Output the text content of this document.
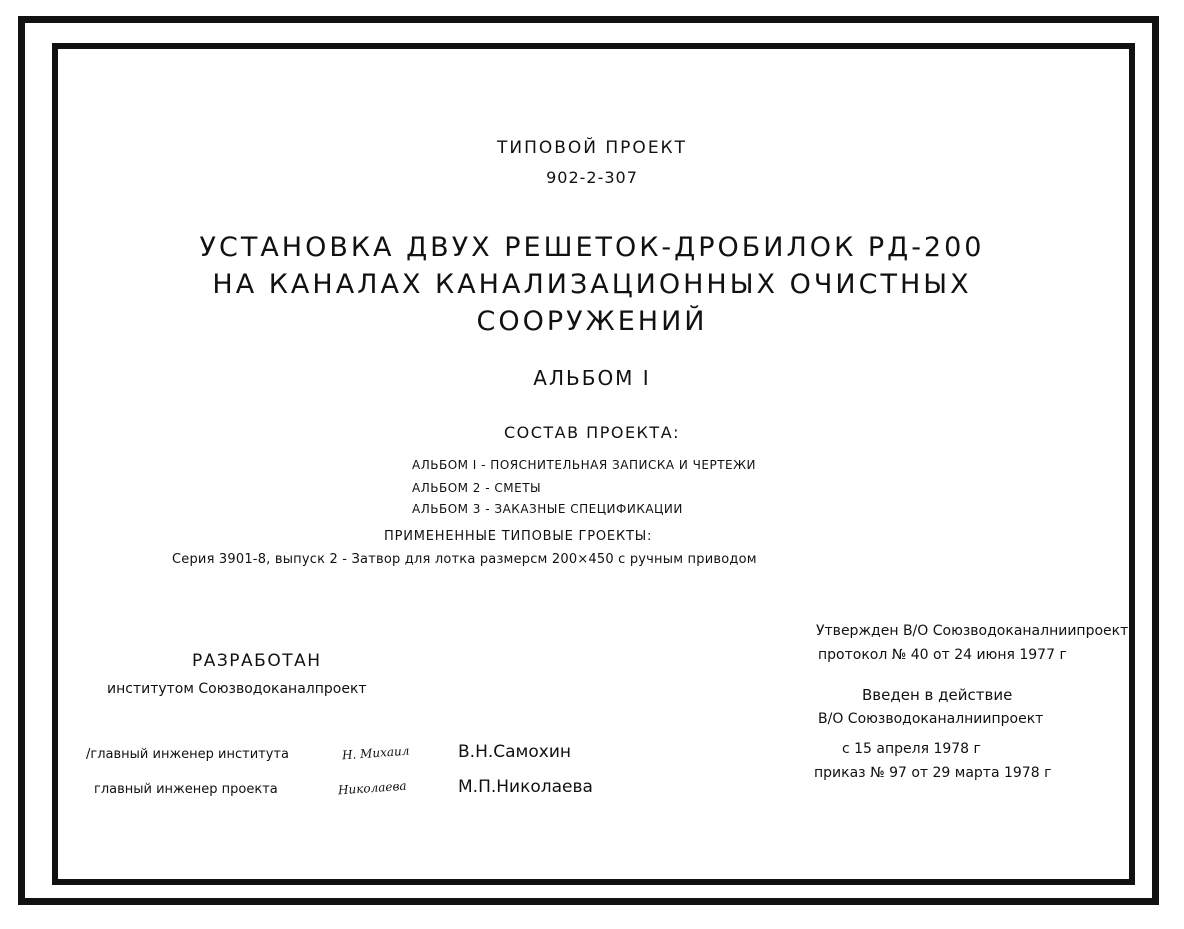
ТИПОВОЙ ПРОЕКТ
902-2-307
УСТАНОВКА ДВУХ РЕШЕТОК-ДРОБИЛОК РД-200
НА КАНАЛАХ КАНАЛИЗАЦИОННЫХ ОЧИСТНЫХ
СООРУЖЕНИЙ
АЛЬБОМ I
СОСТАВ ПРОЕКТА:
АЛЬБОМ I - ПОЯСНИТЕЛЬНАЯ ЗАПИСКА И ЧЕРТЕЖИ
АЛЬБОМ 2 - СМЕТЫ
АЛЬБОМ 3 - ЗАКАЗНЫЕ СПЕЦИФИКАЦИИ
ПРИМЕНЕННЫЕ ТИПОВЫЕ ГРОЕКТЫ:
Серия 3901-8, выпуск 2 - Затвор для лотка размерсм 200×450 с ручным приводом
РАЗРАБОТАН
институтом Союзводоканалпроект
/главный инженер института	Н. Михаил	В.Н.Самохин
главный инженер проекта	Николаева	М.П.Николаева
Утвержден В/О Союзводоканалниипроект
протокол № 40 от 24 июня 1977 г
Введен в действие
В/О Союзводоканалниипроект
с 15 апреля 1978 г
приказ № 97 от 29 марта 1978 г
